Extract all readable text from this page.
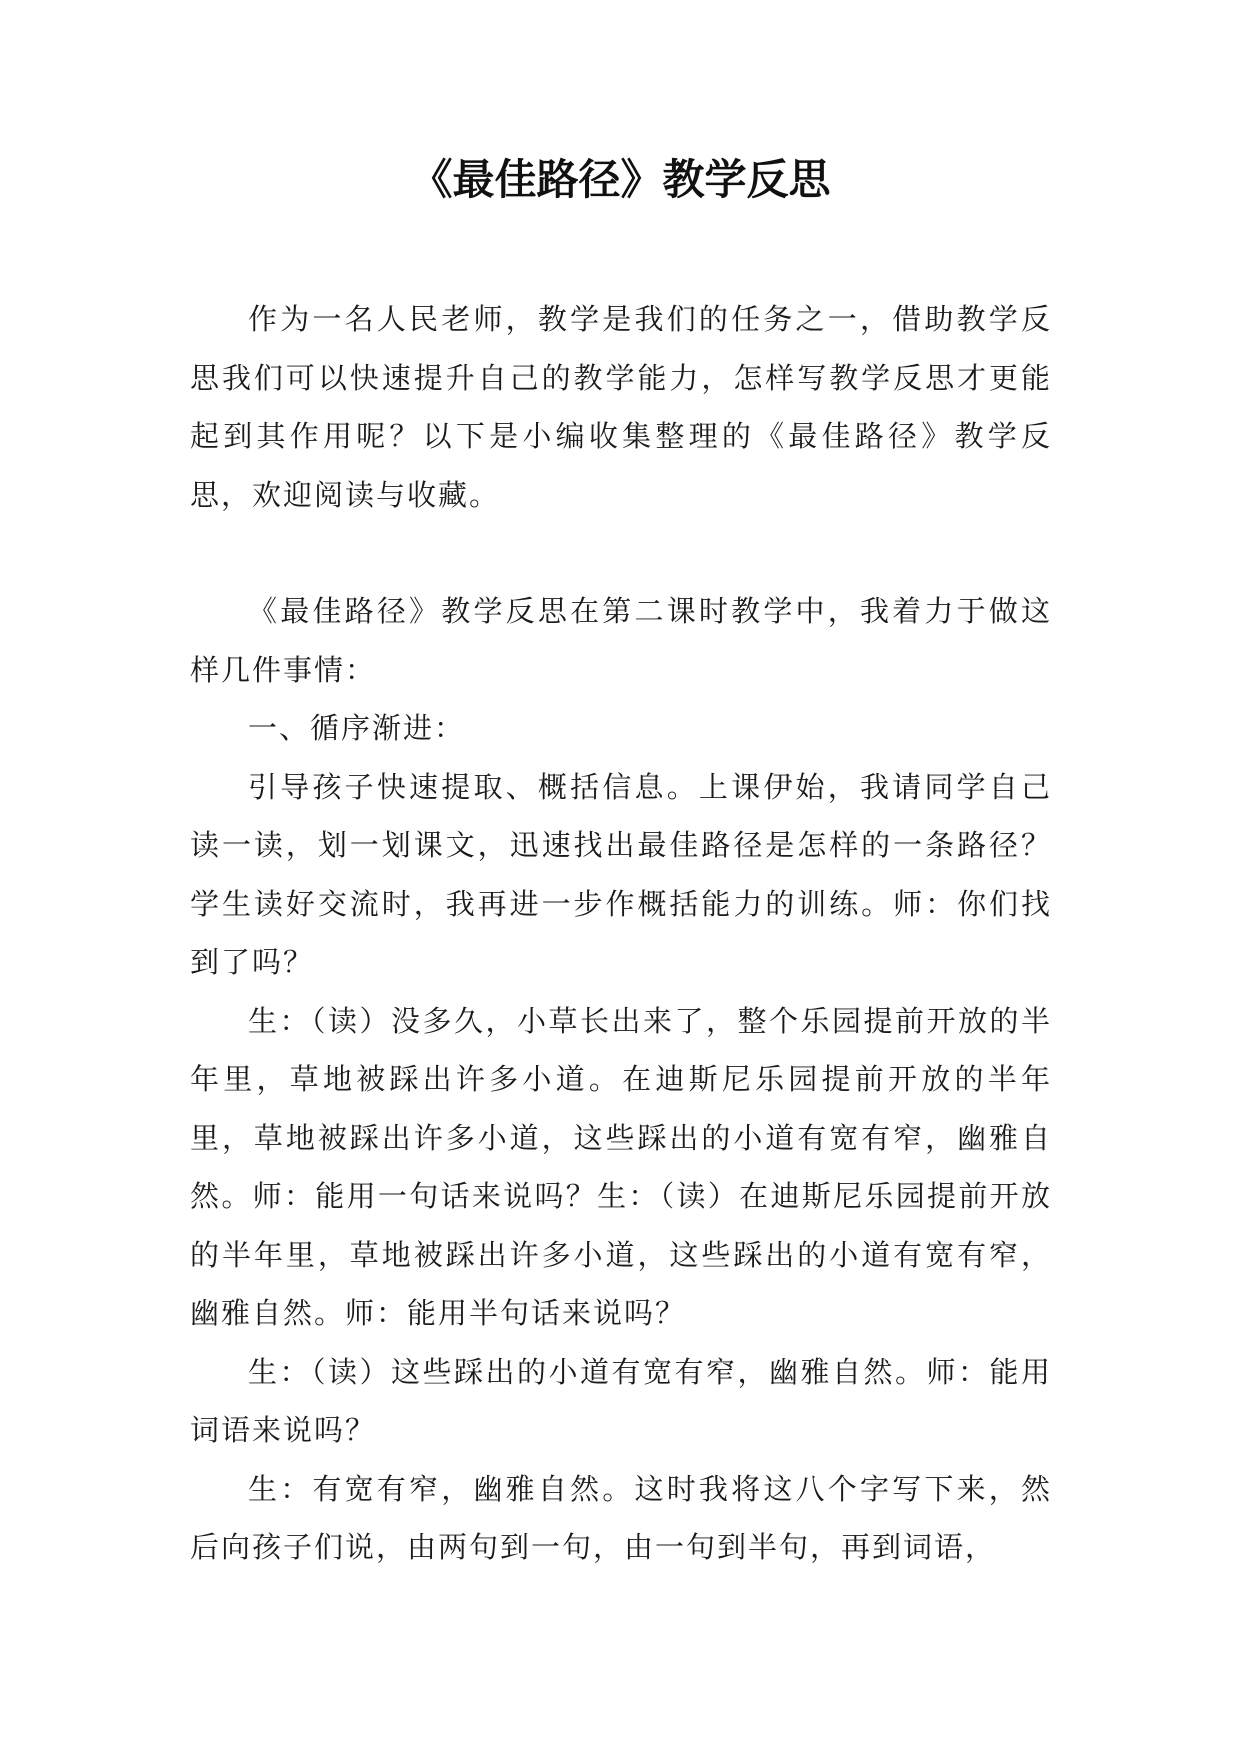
《最佳路径》教学反思

作为一名人民老师，教学是我们的任务之一，借助教学反思我们可以快速提升自己的教学能力，怎样写教学反思才更能起到其作用呢？以下是小编收集整理的《最佳路径》教学反思，欢迎阅读与收藏。

《最佳路径》教学反思在第二课时教学中，我着力于做这样几件事情：

一、循序渐进：

引导孩子快速提取、概括信息。上课伊始，我请同学自己读一读，划一划课文，迅速找出最佳路径是怎样的一条路径？学生读好交流时，我再进一步作概括能力的训练。师：你们找到了吗？

生：（读）没多久，小草长出来了，整个乐园提前开放的半年里，草地被踩出许多小道。在迪斯尼乐园提前开放的半年里，草地被踩出许多小道，这些踩出的小道有宽有窄，幽雅自然。师：能用一句话来说吗？生：（读）在迪斯尼乐园提前开放的半年里，草地被踩出许多小道，这些踩出的小道有宽有窄，幽雅自然。师：能用半句话来说吗？

生：（读）这些踩出的小道有宽有窄，幽雅自然。师：能用词语来说吗？

生：有宽有窄，幽雅自然。这时我将这八个字写下来，然后向孩子们说，由两句到一句，由一句到半句，再到词语，
